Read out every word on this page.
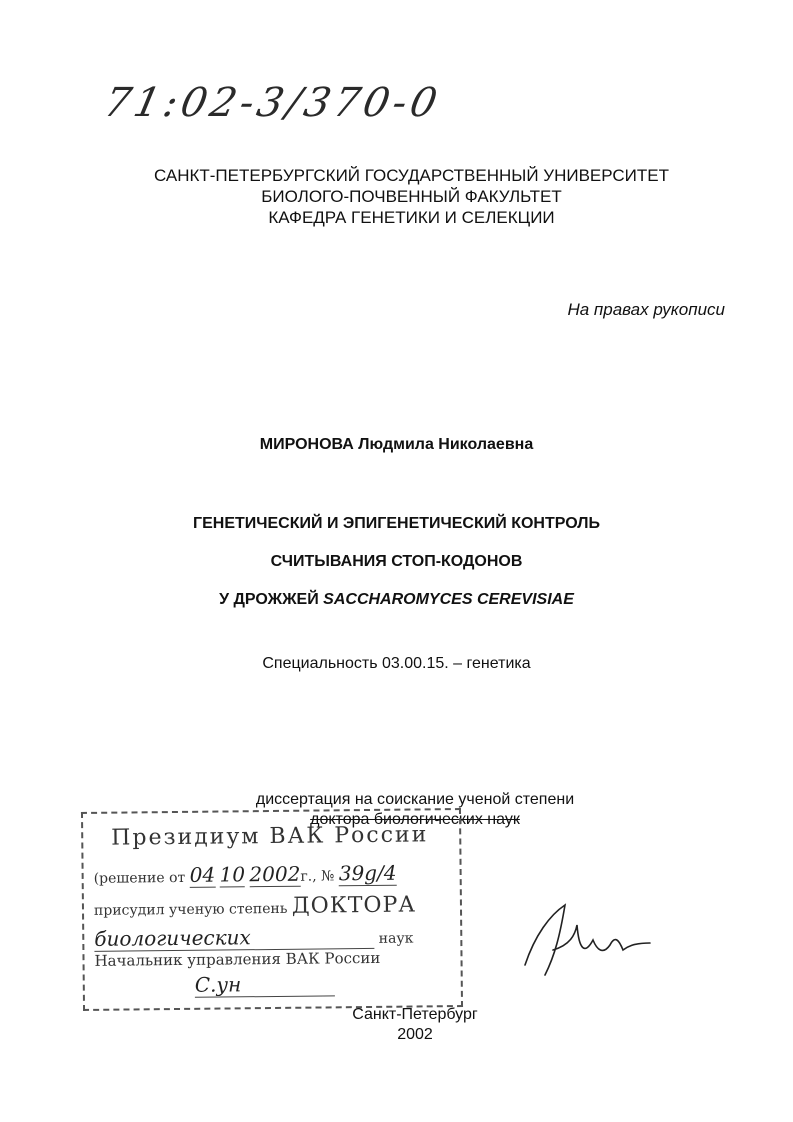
71:02-3/370-0
САНКТ-ПЕТЕРБУРГСКИЙ ГОСУДАРСТВЕННЫЙ УНИВЕРСИТЕТ
БИОЛОГО-ПОЧВЕННЫЙ ФАКУЛЬТЕТ
КАФЕДРА ГЕНЕТИКИ И СЕЛЕКЦИИ
На правах рукописи
МИРОНОВА Людмила Николаевна
ГЕНЕТИЧЕСКИЙ И ЭПИГЕНЕТИЧЕСКИЙ КОНТРОЛЬ
СЧИТЫВАНИЯ СТОП-КОДОНОВ
У ДРОЖЖЕЙ SACCHAROMYCES CEREVISIAE
Специальность 03.00.15. – генетика
диссертация на соискание ученой степени
доктора биологических наук
Президиум ВАК России
(решение от 04 10 2002г., № 39g/4
присудил ученую степень ДОКТОРА
биологических	наук
Начальник управления ВАК России
С.ун
Санкт-Петербург
2002
